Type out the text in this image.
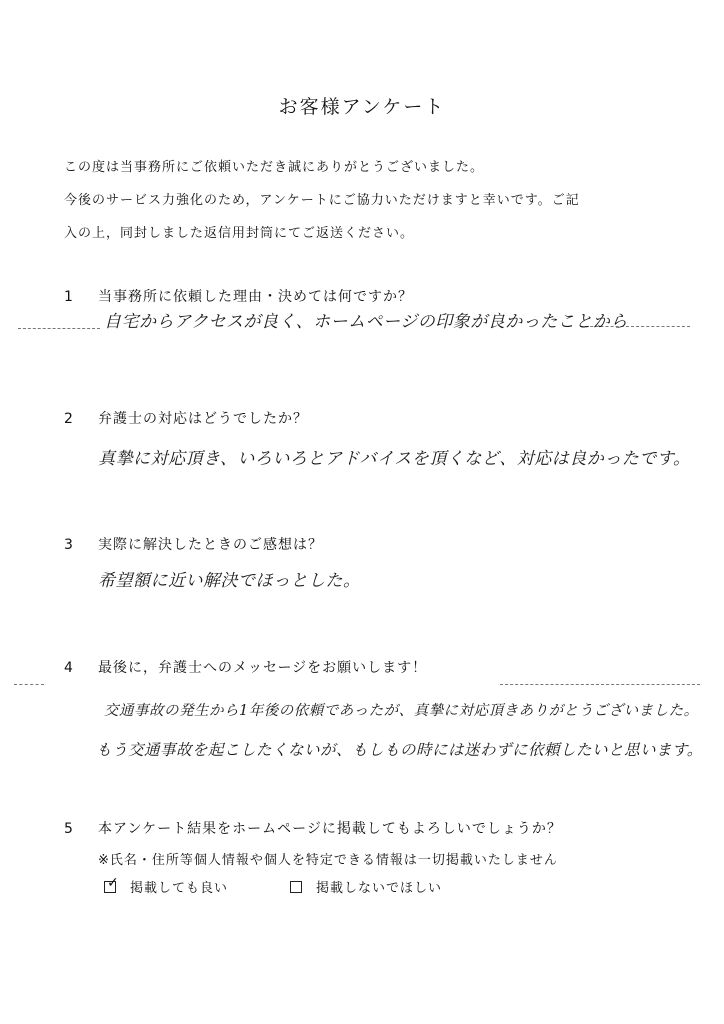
お客様アンケート
この度は当事務所にご依頼いただき誠にありがとうございました。
今後のサービス力強化のため，アンケートにご協力いただけますと幸いです。ご記
入の上，同封しました返信用封筒にてご返送ください。
1 当事務所に依頼した理由・決めては何ですか？
自宅からアクセスが良く、ホームページの印象が良かったことから
2 弁護士の対応はどうでしたか？
真摯に対応頂き、いろいろとアドバイスを頂くなど、対応は良かったです。
3 実際に解決したときのご感想は？
希望額に近い解決でほっとした。
4 最後に，弁護士へのメッセージをお願いします！
交通事故の発生から1年後の依頼であったが、真摯に対応頂きありがとうございました。
もう交通事故を起こしたくないが、もしもの時には迷わずに依頼したいと思います。
5 本アンケート結果をホームページに掲載してもよろしいでしょうか？
※氏名・住所等個人情報や個人を特定できる情報は一切掲載いたしません
✓ 掲載しても良い	掲載しないでほしい
